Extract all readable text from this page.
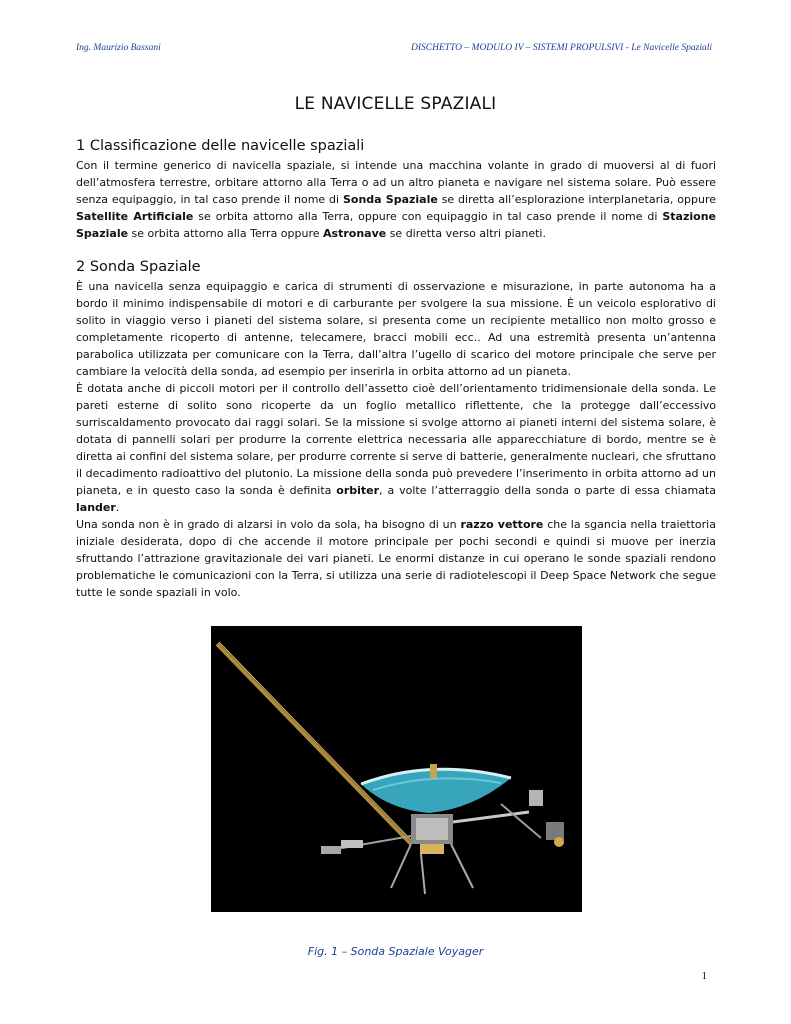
Ing. Maurizio Bassani	DISCHETTO – MODULO IV – SISTEMI PROPULSIVI - Le Navicelle Spaziali
LE NAVICELLE SPAZIALI
1 Classificazione delle navicelle spaziali

Con il termine generico di navicella spaziale, si intende una macchina volante in grado di muoversi al di fuori dell’atmosfera terrestre, orbitare attorno alla Terra o ad un altro pianeta e navigare nel sistema solare. Può essere senza equipaggio, in tal caso prende il nome di Sonda Spaziale se diretta all’esplorazione interplanetaria, oppure Satellite Artificiale se orbita attorno alla Terra, oppure con equipaggio in tal caso prende il nome di Stazione Spaziale se orbita attorno alla Terra oppure Astronave se diretta verso altri pianeti.

2 Sonda Spaziale

È una navicella senza equipaggio e carica di strumenti di osservazione e misurazione, in parte autonoma ha a bordo il minimo indispensabile di motori e di carburante per svolgere la sua missione. È un veicolo esplorativo di solito in viaggio verso i pianeti del sistema solare, si presenta come un recipiente metallico non molto grosso e completamente ricoperto di antenne, telecamere, bracci mobili ecc.. Ad una estremità presenta un’antenna parabolica utilizzata per comunicare con la Terra, dall’altra l’ugello di scarico del motore principale che serve per cambiare la velocità della sonda, ad esempio per inserirla in orbita attorno ad un pianeta.

È dotata anche di piccoli motori per il controllo dell’assetto cioè dell’orientamento tridimensionale della sonda. Le pareti esterne di solito sono ricoperte da un foglio metallico riflettente, che la protegge dall’eccessivo surriscaldamento provocato dai raggi solari. Se la missione si svolge attorno ai pianeti interni del sistema solare, è dotata di pannelli solari per produrre la corrente elettrica necessaria alle apparecchiature di bordo, mentre se è diretta ai confini del sistema solare, per produrre corrente si serve di batterie, generalmente nucleari, che sfruttano il decadimento radioattivo del plutonio. La missione della sonda può prevedere l’inserimento in orbita attorno ad un pianeta, e in questo caso la sonda è definita orbiter, a volte l’atterraggio della sonda o parte di essa chiamata lander.

Una sonda non è in grado di alzarsi in volo da sola, ha bisogno di un razzo vettore che la sgancia nella traiettoria iniziale desiderata, dopo di che accende il motore principale per pochi secondi e quindi si muove per inerzia sfruttando l’attrazione gravitazionale dei vari pianeti. Le enormi distanze in cui operano le sonde spaziali rendono problematiche le comunicazioni con la Terra, si utilizza una serie di radiotelescopi il Deep Space Network che segue tutte le sonde spaziali in volo.

Fig. 1 – Sonda Spaziale Voyager
1
